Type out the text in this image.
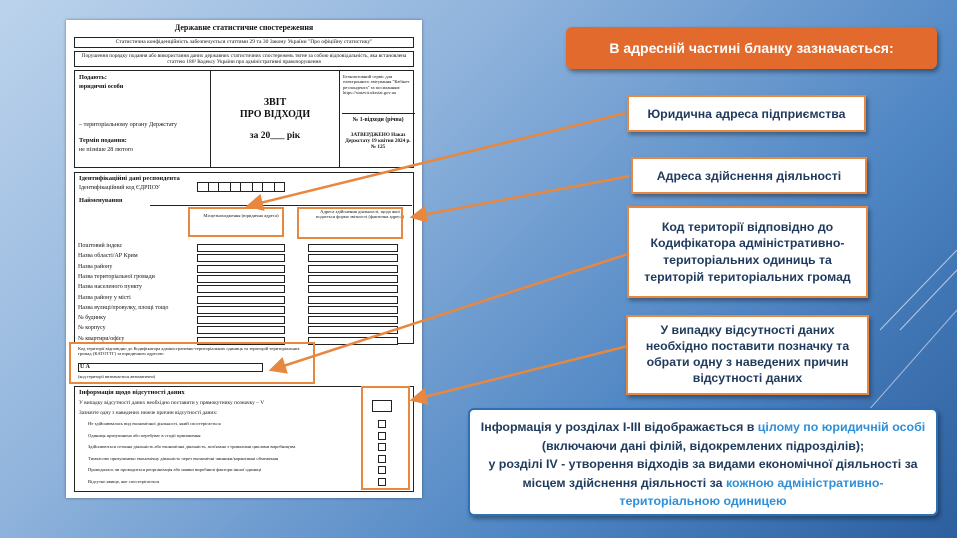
Державне статистичне спостереження
Статистична конфіденційність забезпечується статтями 29 та 30 Закону України "Про офіційну статистику"
Порушення порядку подання або використання даних державних статистичних спостережень тягне за собою відповідальність, яка встановлена статтею 186³ Кодексу України про адміністративні правопорушення
Подають:
юридичні особи
– територіальному органу Держстату
Термін подання:
не пізніше 28 лютого
ЗВІТ
ПРО ВІДХОДИ
за 20___ рік
Безкоштовний сервіс для електронного звітування "Кабінет респондента" за посиланням: https://statzvit.ukrstat.gov.ua
№ 1-відходи (річна)
ЗАТВЕРДЖЕНО Наказ Держстату 19 квітня 2024 р. № 125
Ідентифікаційні дані респондента
Ідентифікаційний код ЄДРПОУ
Найменування
Місцезнаходження (юридична адреса)
Адреса здійснення діяльності, щодо якої подається форма звітності (фактична адреса)
Поштовий індекс
Назва області/АР Крим
Назва району
Назва територіальної громади
Назва населеного пункту
Назва району у місті
Назва вулиці/провулку, площі тощо
№ будинку
№ корпусу
№ квартири/офісу
Код території відповідно до Кодифікатора адміністративно-територіальних одиниць та територій територіальних громад (КАТОТТГ) за юридичною адресою
U A
(код території визначається автоматично)
Інформація щодо відсутності даних
У випадку відсутності даних необхідно поставити у прямокутнику позначку – V
Зазначте одну з наведених нижче причин відсутності даних:
Не здійснювалась вид економічної діяльності, який спостерігається
Одиниця призупинена або перебуває в стадії припинення
Здійснюються сезонна діяльність або економічна діяльність, пов'язана з тривалими циклами виробництва
Тимчасово призупинено економічну діяльність через економічні чинники/карантинні обмеження
Проводилась чи проводиться реорганізація або наявні виробничі фактори іншої одиниці
Відсутнє явище, яке спостерігається
В адресній частині бланку зазначається:
Юридична адреса підприємства
Адреса здійснення діяльності
Код території відповідно до Кодифікатора адміністративно-територіальних одиниць та територій територіальних громад
У випадку відсутності даних необхідно поставити позначку та обрати одну з наведених причин відсутності даних
Інформація у розділах І-ІІІ відображається в цілому по юридичній особі (включаючи дані філій, відокремлених підрозділів);
у розділі IV - утворення відходів за видами економічної діяльності за місцем здійснення діяльності за кожною адміністративно-територіальною одиницею
